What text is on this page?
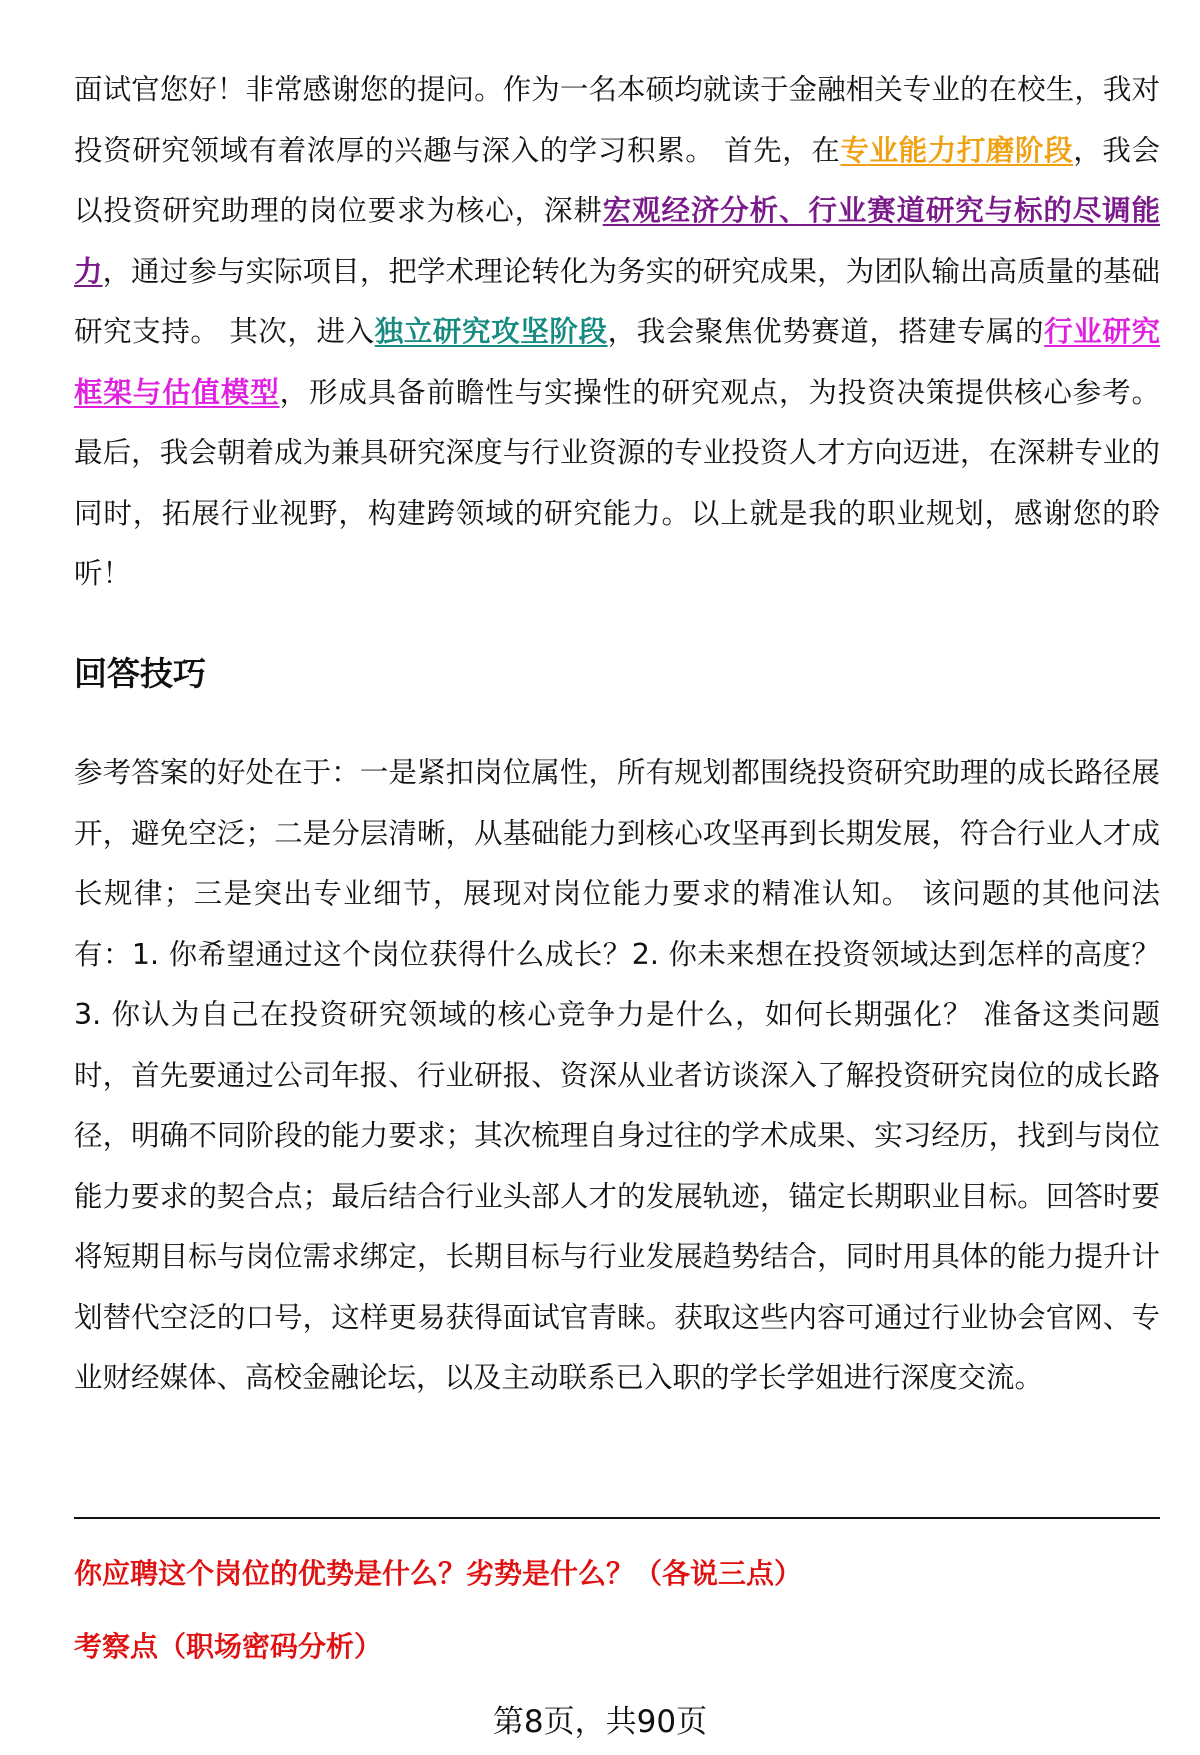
面试官您好！非常感谢您的提问。作为一名本硕均就读于金融相关专业的在校生，我对投资研究领域有着浓厚的兴趣与深入的学习积累。 首先，在专业能力打磨阶段，我会以投资研究助理的岗位要求为核心，深耕宏观经济分析、行业赛道研究与标的尽调能力，通过参与实际项目，把学术理论转化为务实的研究成果，为团队输出高质量的基础研究支持。 其次，进入独立研究攻坚阶段，我会聚焦优势赛道，搭建专属的行业研究框架与估值模型，形成具备前瞻性与实操性的研究观点，为投资决策提供核心参考。 最后，我会朝着成为兼具研究深度与行业资源的专业投资人才方向迈进，在深耕专业的同时，拓展行业视野，构建跨领域的研究能力。以上就是我的职业规划，感谢您的聆听！

回答技巧

参考答案的好处在于：一是紧扣岗位属性，所有规划都围绕投资研究助理的成长路径展开，避免空泛；二是分层清晰，从基础能力到核心攻坚再到长期发展，符合行业人才成长规律；三是突出专业细节，展现对岗位能力要求的精准认知。 该问题的其他问法有：1. 你希望通过这个岗位获得什么成长？2. 你未来想在投资领域达到怎样的高度？3. 你认为自己在投资研究领域的核心竞争力是什么，如何长期强化？ 准备这类问题时，首先要通过公司年报、行业研报、资深从业者访谈深入了解投资研究岗位的成长路径，明确不同阶段的能力要求；其次梳理自身过往的学术成果、实习经历，找到与岗位能力要求的契合点；最后结合行业头部人才的发展轨迹，锚定长期职业目标。回答时要将短期目标与岗位需求绑定，长期目标与行业发展趋势结合，同时用具体的能力提升计划替代空泛的口号，这样更易获得面试官青睐。获取这些内容可通过行业协会官网、专业财经媒体、高校金融论坛，以及主动联系已入职的学长学姐进行深度交流。

你应聘这个岗位的优势是什么？劣势是什么？（各说三点）

考察点（职场密码分析）

第8页，共90页
